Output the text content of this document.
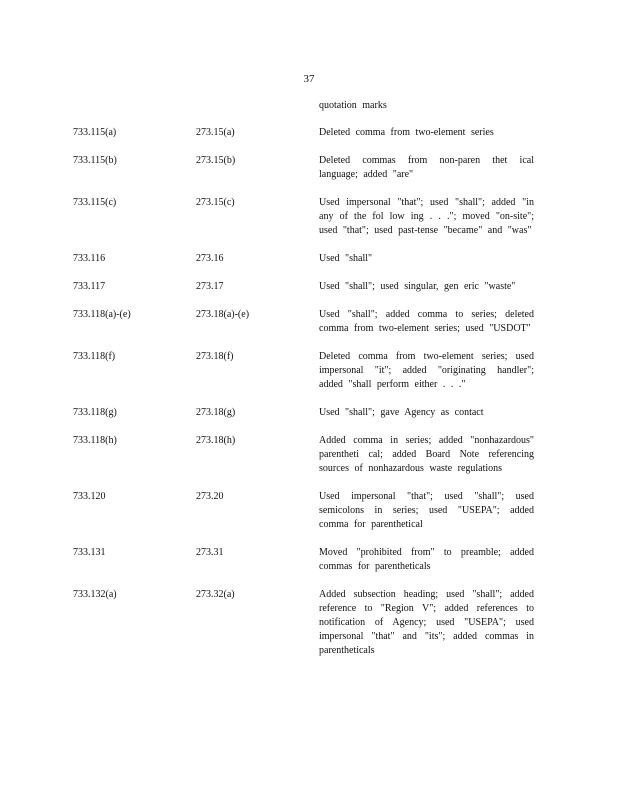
37
quotation marks
733.115(a)	273.15(a)	Deleted comma from two-element series
733.115(b)	273.15(b)	Deleted commas from non-paren thet ical language; added "are"
733.115(c)	273.15(c)	Used impersonal "that"; used "shall"; added "in any of the fol low ing . . ."; moved "on-site"; used "that"; used past-tense "became" and "was"
733.116	273.16	Used "shall"
733.117	273.17	Used "shall"; used singular, gen eric "waste"
733.118(a)-(e)	273.18(a)-(e)	Used "shall"; added comma to series; deleted comma from two-element series; used "USDOT"
733.118(f)	273.18(f)	Deleted comma from two-element series; used impersonal "it"; added "originating handler"; added "shall perform either . . ."
733.118(g)	273.18(g)	Used "shall"; gave Agency as contact
733.118(h)	273.18(h)	Added comma in series; added "nonhazardous" parentheti cal; added Board Note referencing sources of nonhazardous waste regulations
733.120	273.20	Used impersonal "that"; used "shall"; used semicolons in series; used "USEPA"; added comma for parenthetical
733.131	273.31	Moved "prohibited from" to preamble; added commas for parentheticals
733.132(a)	273.32(a)	Added subsection heading; used "shall"; added reference to "Region V"; added references to notification of Agency; used "USEPA"; used impersonal "that" and "its"; added commas in parentheticals
